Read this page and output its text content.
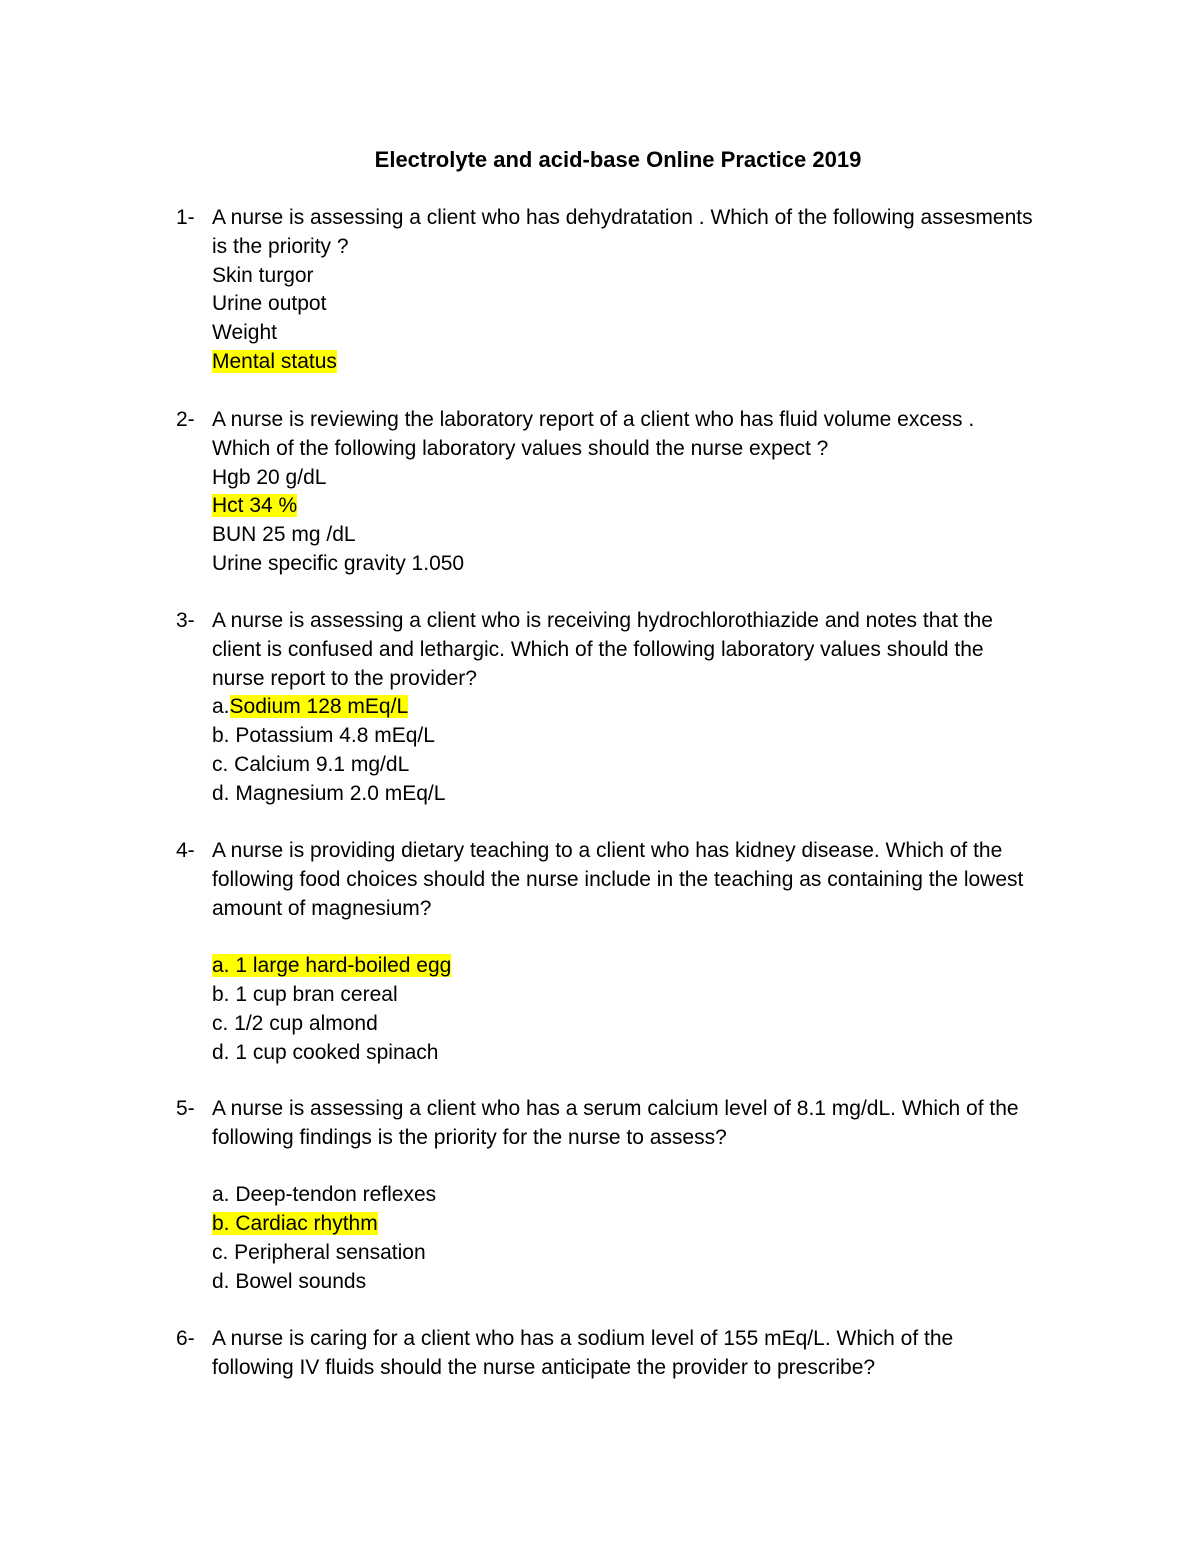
Electrolyte and acid-base Online Practice 2019
1- A nurse is assessing a client who has dehydratation . Which of the following assesments
is the priority ?
Skin turgor
Urine outpot
Weight
Mental status
2- A nurse is reviewing the laboratory report of a client who has fluid volume excess .
Which of the following laboratory values should the nurse expect ?
Hgb 20 g/dL
Hct 34 %
BUN 25 mg /dL
Urine specific gravity 1.050
3- A nurse is assessing a client who is receiving hydrochlorothiazide and notes that the
client is confused and lethargic. Which of the following laboratory values should the
nurse report to the provider?
a.Sodium 128 mEq/L
b. Potassium 4.8 mEq/L
c. Calcium 9.1 mg/dL
d. Magnesium 2.0 mEq/L
4- A nurse is providing dietary teaching to a client who has kidney disease. Which of the
following food choices should the nurse include in the teaching as containing the lowest
amount of magnesium?
a. 1 large hard-boiled egg
b. 1 cup bran cereal
c. 1/2 cup almond
d. 1 cup cooked spinach
5- A nurse is assessing a client who has a serum calcium level of 8.1 mg/dL. Which of the
following findings is the priority for the nurse to assess?
a. Deep-tendon reflexes
b. Cardiac rhythm
c. Peripheral sensation
d. Bowel sounds
6- A nurse is caring for a client who has a sodium level of 155 mEq/L. Which of the
following IV fluids should the nurse anticipate the provider to prescribe?
